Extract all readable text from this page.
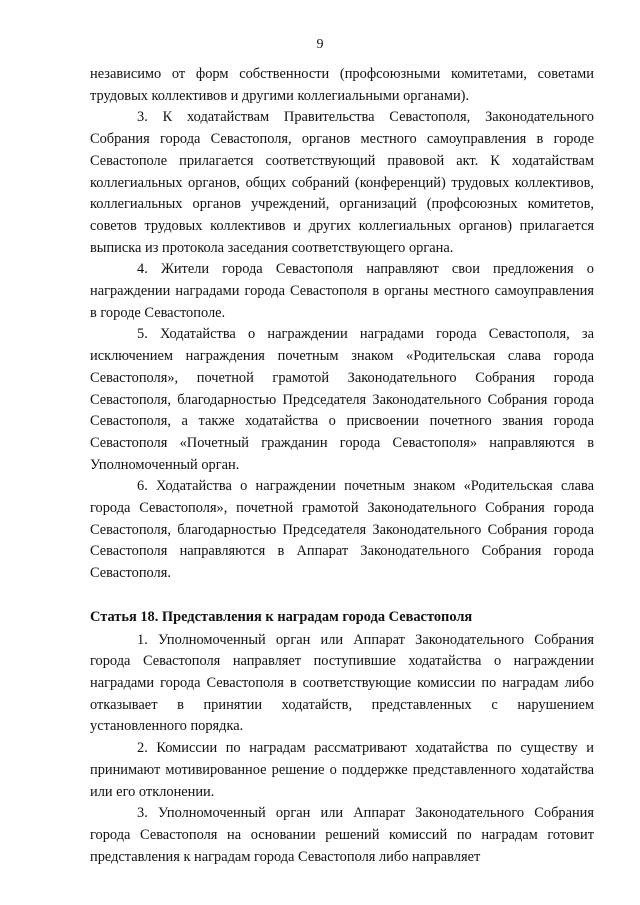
9

независимо от форм собственности (профсоюзными комитетами, советами трудовых коллективов и другими коллегиальными органами).

3. К ходатайствам Правительства Севастополя, Законодательного Собрания города Севастополя, органов местного самоуправления в городе Севастополе прилагается соответствующий правовой акт. К ходатайствам коллегиальных органов, общих собраний (конференций) трудовых коллективов, коллегиальных органов учреждений, организаций (профсоюзных комитетов, советов трудовых коллективов и других коллегиальных органов) прилагается выписка из протокола заседания соответствующего органа.

4. Жители города Севастополя направляют свои предложения о награждении наградами города Севастополя в органы местного самоуправления в городе Севастополе.

5. Ходатайства о награждении наградами города Севастополя, за исключением награждения почетным знаком «Родительская слава города Севастополя», почетной грамотой Законодательного Собрания города Севастополя, благодарностью Председателя Законодательного Собрания города Севастополя, а также ходатайства о присвоении почетного звания города Севастополя «Почетный гражданин города Севастополя» направляются в Уполномоченный орган.

6. Ходатайства о награждении почетным знаком «Родительская слава города Севастополя», почетной грамотой Законодательного Собрания города Севастополя, благодарностью Председателя Законодательного Собрания города Севастополя направляются в Аппарат Законодательного Собрания города Севастополя.

Статья 18. Представления к наградам города Севастополя

1. Уполномоченный орган или Аппарат Законодательного Собрания города Севастополя направляет поступившие ходатайства о награждении наградами города Севастополя в соответствующие комиссии по наградам либо отказывает в принятии ходатайств, представленных с нарушением установленного порядка.

2. Комиссии по наградам рассматривают ходатайства по существу и принимают мотивированное решение о поддержке представленного ходатайства или его отклонении.

3. Уполномоченный орган или Аппарат Законодательного Собрания города Севастополя на основании решений комиссий по наградам готовит представления к наградам города Севастополя либо направляет
